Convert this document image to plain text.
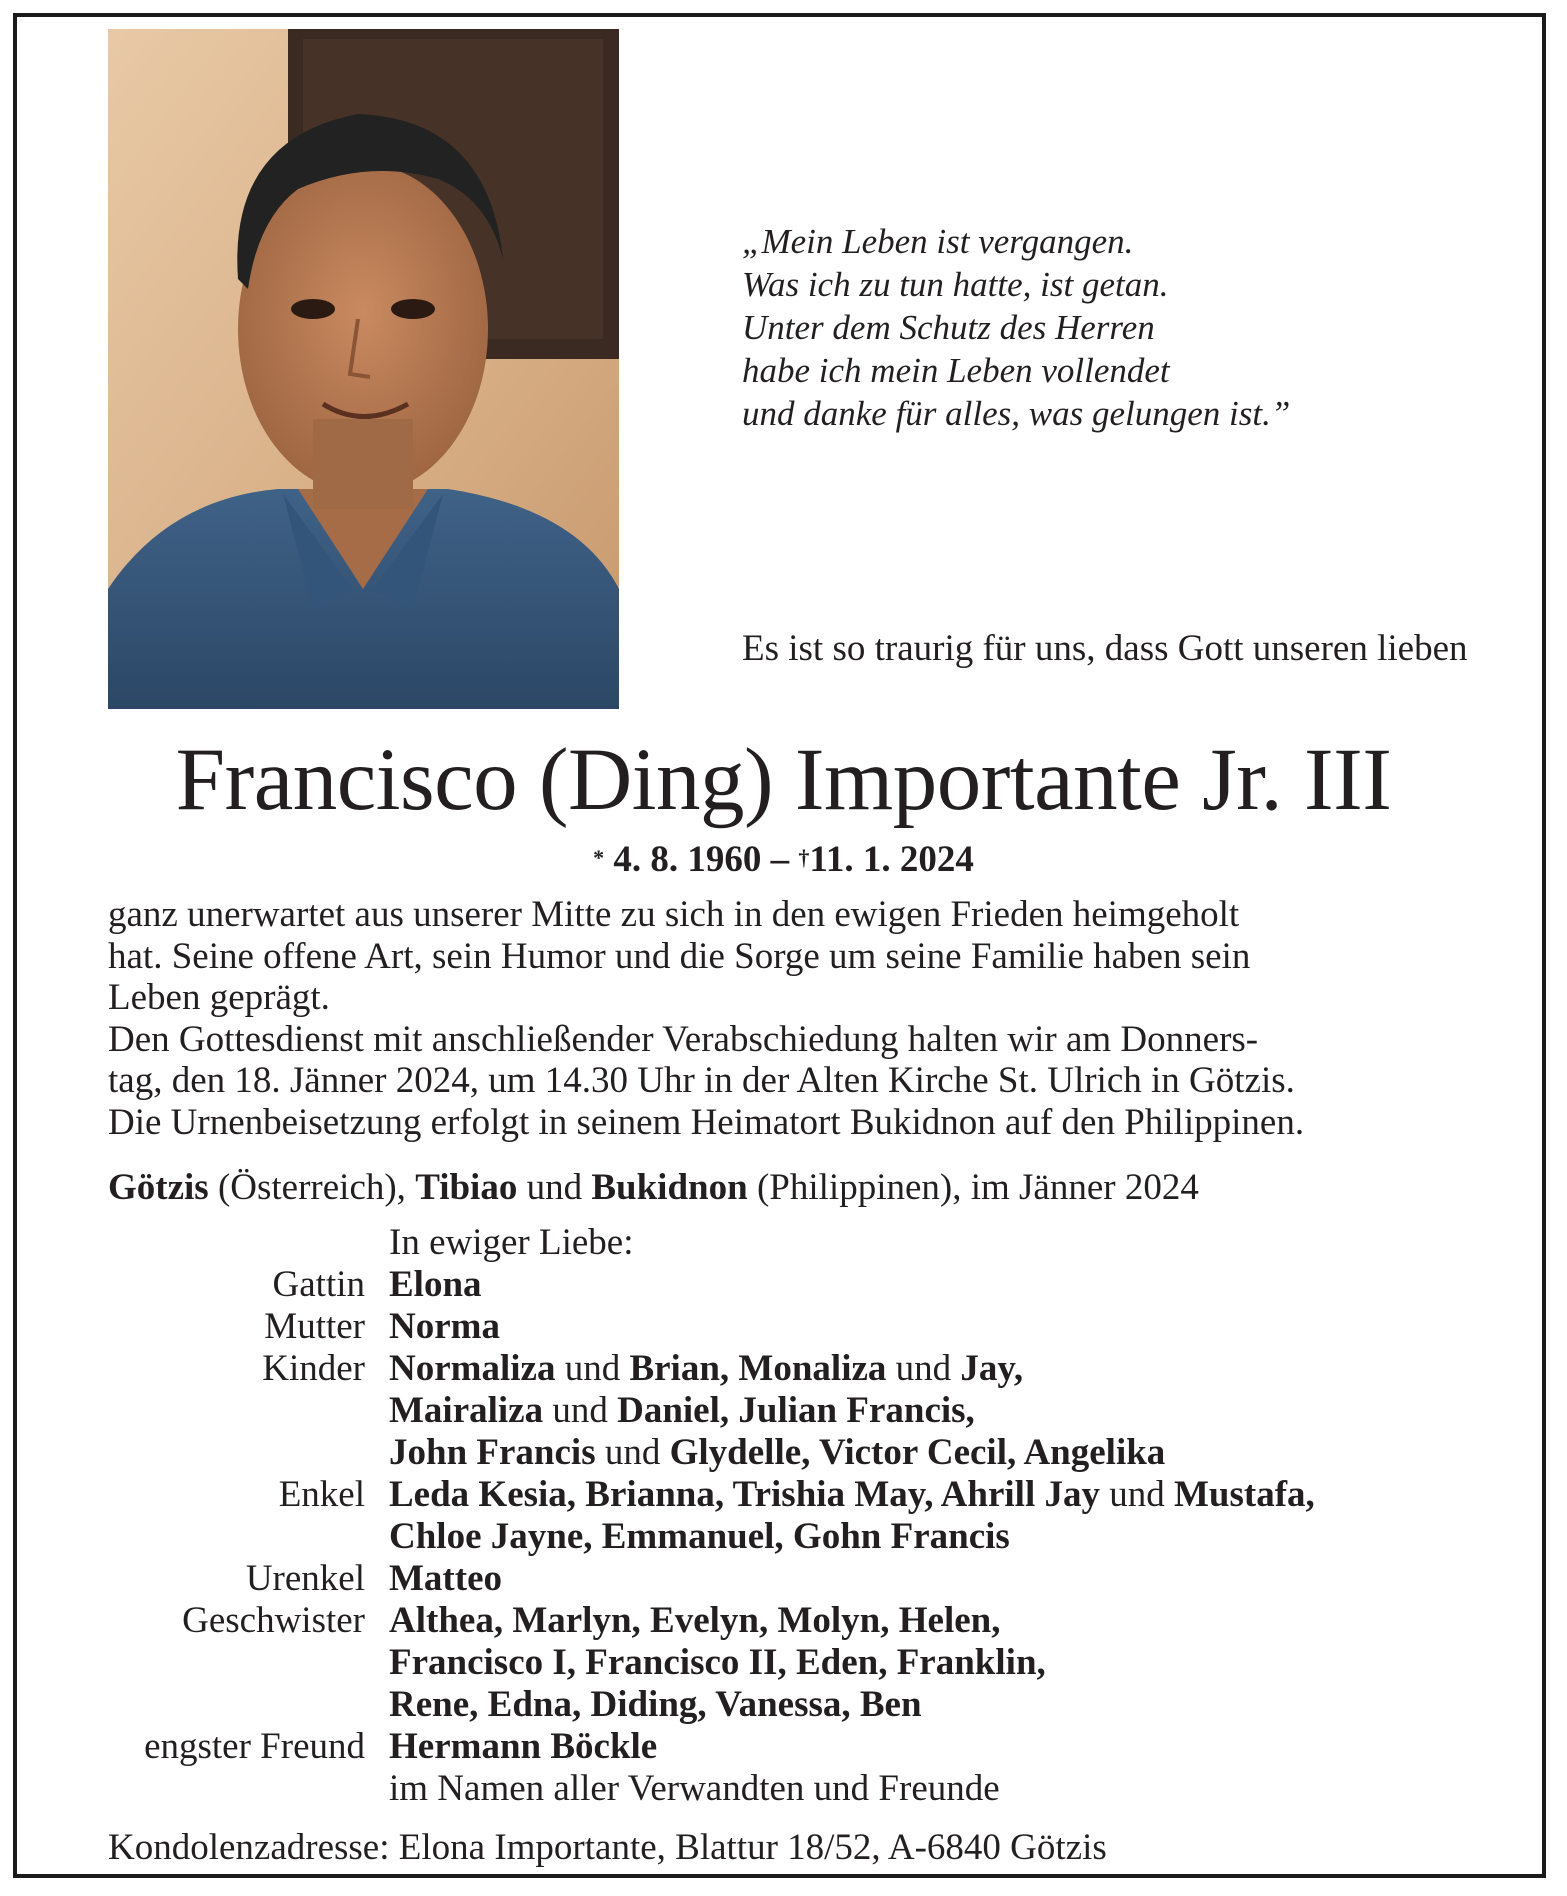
„Mein Leben ist vergangen.
Was ich zu tun hatte, ist getan.
Unter dem Schutz des Herren
habe ich mein Leben vollendet
und danke für alles, was gelungen ist.”
Es ist so traurig für uns, dass Gott unseren lieben
Francisco (Ding) Importante Jr. III
* 4. 8. 1960 – †11. 1. 2024
ganz unerwartet aus unserer Mitte zu sich in den ewigen Frieden heimgeholt
hat. Seine offene Art, sein Humor und die Sorge um seine Familie haben sein
Leben geprägt.
Den Gottesdienst mit anschließender Verabschiedung halten wir am Donners-
tag, den 18. Jänner 2024, um 14.30 Uhr in der Alten Kirche St. Ulrich in Götzis.
Die Urnenbeisetzung erfolgt in seinem Heimatort Bukidnon auf den Philippinen.
Götzis (Österreich), Tibiao und Bukidnon (Philippinen), im Jänner 2024
In ewiger Liebe:
Gattin Elona
Mutter Norma
Kinder Normaliza und Brian, Monaliza und Jay,
Mairaliza und Daniel, Julian Francis,
John Francis und Glydelle, Victor Cecil, Angelika
Enkel Leda Kesia, Brianna, Trishia May, Ahrill Jay und Mustafa,
Chloe Jayne, Emmanuel, Gohn Francis
Urenkel Matteo
Geschwister Althea, Marlyn, Evelyn, Molyn, Helen,
Francisco I, Francisco II, Eden, Franklin,
Rene, Edna, Diding, Vanessa, Ben
engster Freund Hermann Böckle
im Namen aller Verwandten und Freunde
Kondolenzadresse: Elona Importante, Blattur 18/52, A-6840 Götzis
